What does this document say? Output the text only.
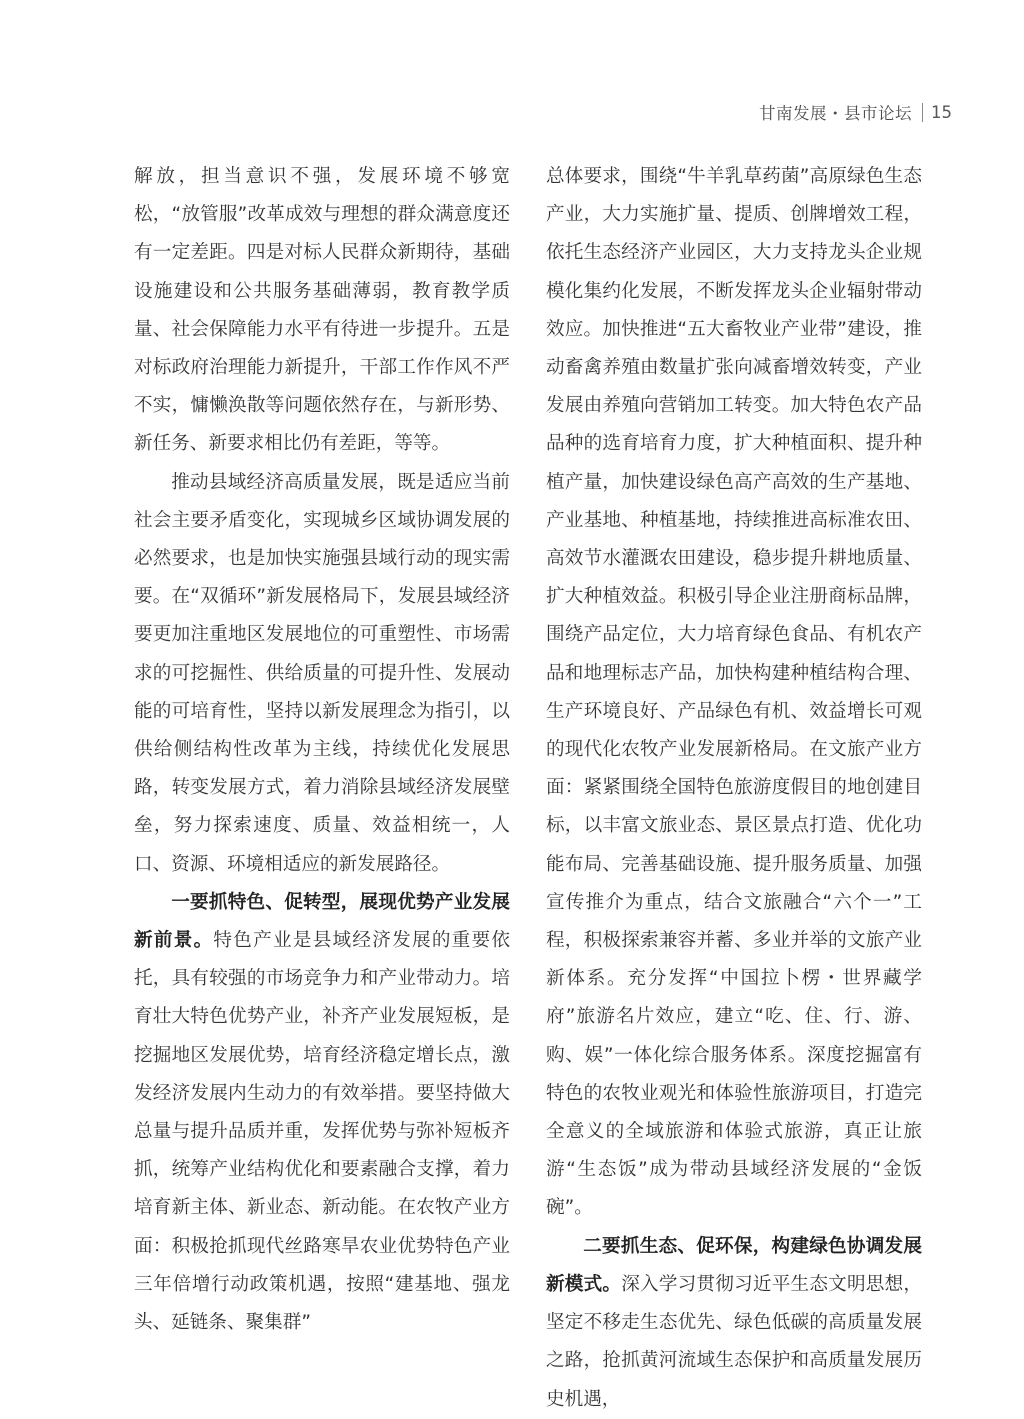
甘南发展・县市论坛 15

解放，担当意识不强，发展环境不够宽松，“放管服”改革成效与理想的群众满意度还有一定差距。四是对标人民群众新期待，基础设施建设和公共服务基础薄弱，教育教学质量、社会保障能力水平有待进一步提升。五是对标政府治理能力新提升，干部工作作风不严不实，慵懒涣散等问题依然存在，与新形势、新任务、新要求相比仍有差距，等等。

推动县域经济高质量发展，既是适应当前社会主要矛盾变化，实现城乡区域协调发展的必然要求，也是加快实施强县域行动的现实需要。在“双循环”新发展格局下，发展县域经济要更加注重地区发展地位的可重塑性、市场需求的可挖掘性、供给质量的可提升性、发展动能的可培育性，坚持以新发展理念为指引，以供给侧结构性改革为主线，持续优化发展思路，转变发展方式，着力消除县域经济发展壁垒，努力探索速度、质量、效益相统一，人口、资源、环境相适应的新发展路径。

一要抓特色、促转型，展现优势产业发展新前景。特色产业是县域经济发展的重要依托，具有较强的市场竞争力和产业带动力。培育壮大特色优势产业，补齐产业发展短板，是挖掘地区发展优势，培育经济稳定增长点，激发经济发展内生动力的有效举措。要坚持做大总量与提升品质并重，发挥优势与弥补短板齐抓，统筹产业结构优化和要素融合支撑，着力培育新主体、新业态、新动能。在农牧产业方面：积极抢抓现代丝路寒旱农业优势特色产业三年倍增行动政策机遇，按照“建基地、强龙头、延链条、聚集群”

总体要求，围绕“牛羊乳草药菌”高原绿色生态产业，大力实施扩量、提质、创牌增效工程，依托生态经济产业园区，大力支持龙头企业规模化集约化发展，不断发挥龙头企业辐射带动效应。加快推进“五大畜牧业产业带”建设，推动畜禽养殖由数量扩张向减畜增效转变，产业发展由养殖向营销加工转变。加大特色农产品品种的选育培育力度，扩大种植面积、提升种植产量，加快建设绿色高产高效的生产基地、产业基地、种植基地，持续推进高标准农田、高效节水灌溉农田建设，稳步提升耕地质量、扩大种植效益。积极引导企业注册商标品牌，围绕产品定位，大力培育绿色食品、有机农产品和地理标志产品，加快构建种植结构合理、生产环境良好、产品绿色有机、效益增长可观的现代化农牧产业发展新格局。在文旅产业方面：紧紧围绕全国特色旅游度假目的地创建目标，以丰富文旅业态、景区景点打造、优化功能布局、完善基础设施、提升服务质量、加强宣传推介为重点，结合文旅融合“六个一”工程，积极探索兼容并蓄、多业并举的文旅产业新体系。充分发挥“中国拉卜楞・世界藏学府”旅游名片效应，建立“吃、住、行、游、购、娱”一体化综合服务体系。深度挖掘富有特色的农牧业观光和体验性旅游项目，打造完全意义的全域旅游和体验式旅游，真正让旅游“生态饭”成为带动县域经济发展的“金饭碗”。

二要抓生态、促环保，构建绿色协调发展新模式。深入学习贯彻习近平生态文明思想，坚定不移走生态优先、绿色低碳的高质量发展之路，抢抓黄河流域生态保护和高质量发展历史机遇，
